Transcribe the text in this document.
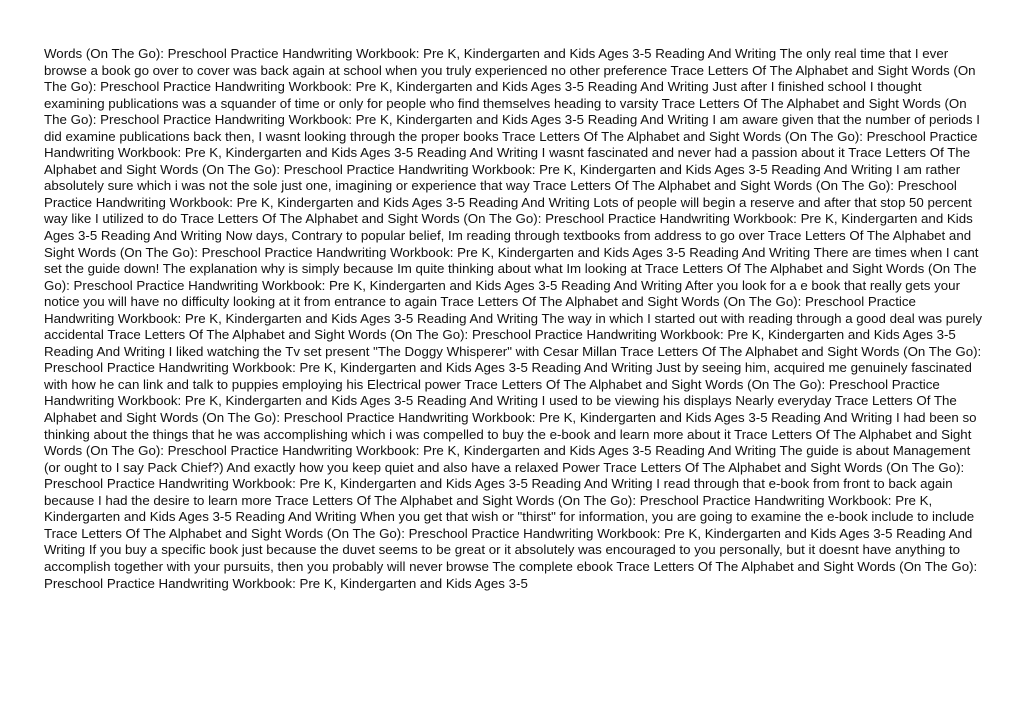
Words (On The Go): Preschool Practice Handwriting Workbook: Pre K, Kindergarten and Kids Ages 3-5 Reading And Writing The only real time that I ever browse a book go over to cover was back again at school when you truly experienced no other preference Trace Letters Of The Alphabet and Sight Words (On The Go): Preschool Practice Handwriting Workbook: Pre K, Kindergarten and Kids Ages 3-5 Reading And Writing Just after I finished school I thought examining publications was a squander of time or only for people who find themselves heading to varsity Trace Letters Of The Alphabet and Sight Words (On The Go): Preschool Practice Handwriting Workbook: Pre K, Kindergarten and Kids Ages 3-5 Reading And Writing I am aware given that the number of periods I did examine publications back then, I wasnt looking through the proper books Trace Letters Of The Alphabet and Sight Words (On The Go): Preschool Practice Handwriting Workbook: Pre K, Kindergarten and Kids Ages 3-5 Reading And Writing I wasnt fascinated and never had a passion about it Trace Letters Of The Alphabet and Sight Words (On The Go): Preschool Practice Handwriting Workbook: Pre K, Kindergarten and Kids Ages 3-5 Reading And Writing I am rather absolutely sure which i was not the sole just one, imagining or experience that way Trace Letters Of The Alphabet and Sight Words (On The Go): Preschool Practice Handwriting Workbook: Pre K, Kindergarten and Kids Ages 3-5 Reading And Writing Lots of people will begin a reserve and after that stop 50 percent way like I utilized to do Trace Letters Of The Alphabet and Sight Words (On The Go): Preschool Practice Handwriting Workbook: Pre K, Kindergarten and Kids Ages 3-5 Reading And Writing Now days, Contrary to popular belief, Im reading through textbooks from address to go over Trace Letters Of The Alphabet and Sight Words (On The Go): Preschool Practice Handwriting Workbook: Pre K, Kindergarten and Kids Ages 3-5 Reading And Writing There are times when I cant set the guide down! The explanation why is simply because Im quite thinking about what Im looking at Trace Letters Of The Alphabet and Sight Words (On The Go): Preschool Practice Handwriting Workbook: Pre K, Kindergarten and Kids Ages 3-5 Reading And Writing After you look for a e book that really gets your notice you will have no difficulty looking at it from entrance to again Trace Letters Of The Alphabet and Sight Words (On The Go): Preschool Practice Handwriting Workbook: Pre K, Kindergarten and Kids Ages 3-5 Reading And Writing The way in which I started out with reading through a good deal was purely accidental Trace Letters Of The Alphabet and Sight Words (On The Go): Preschool Practice Handwriting Workbook: Pre K, Kindergarten and Kids Ages 3-5 Reading And Writing I liked watching the Tv set present "The Doggy Whisperer" with Cesar Millan Trace Letters Of The Alphabet and Sight Words (On The Go): Preschool Practice Handwriting Workbook: Pre K, Kindergarten and Kids Ages 3-5 Reading And Writing Just by seeing him, acquired me genuinely fascinated with how he can link and talk to puppies employing his Electrical power Trace Letters Of The Alphabet and Sight Words (On The Go): Preschool Practice Handwriting Workbook: Pre K, Kindergarten and Kids Ages 3-5 Reading And Writing I used to be viewing his displays Nearly everyday Trace Letters Of The Alphabet and Sight Words (On The Go): Preschool Practice Handwriting Workbook: Pre K, Kindergarten and Kids Ages 3-5 Reading And Writing I had been so thinking about the things that he was accomplishing which i was compelled to buy the e-book and learn more about it Trace Letters Of The Alphabet and Sight Words (On The Go): Preschool Practice Handwriting Workbook: Pre K, Kindergarten and Kids Ages 3-5 Reading And Writing The guide is about Management (or ought to I say Pack Chief?) And exactly how you keep quiet and also have a relaxed Power Trace Letters Of The Alphabet and Sight Words (On The Go): Preschool Practice Handwriting Workbook: Pre K, Kindergarten and Kids Ages 3-5 Reading And Writing I read through that e-book from front to back again because I had the desire to learn more Trace Letters Of The Alphabet and Sight Words (On The Go): Preschool Practice Handwriting Workbook: Pre K, Kindergarten and Kids Ages 3-5 Reading And Writing When you get that wish or "thirst" for information, you are going to examine the e-book include to include Trace Letters Of The Alphabet and Sight Words (On The Go): Preschool Practice Handwriting Workbook: Pre K, Kindergarten and Kids Ages 3-5 Reading And Writing If you buy a specific book just because the duvet seems to be great or it absolutely was encouraged to you personally, but it doesnt have anything to accomplish together with your pursuits, then you probably will never browse The complete ebook Trace Letters Of The Alphabet and Sight Words (On The Go): Preschool Practice Handwriting Workbook: Pre K, Kindergarten and Kids Ages 3-5
